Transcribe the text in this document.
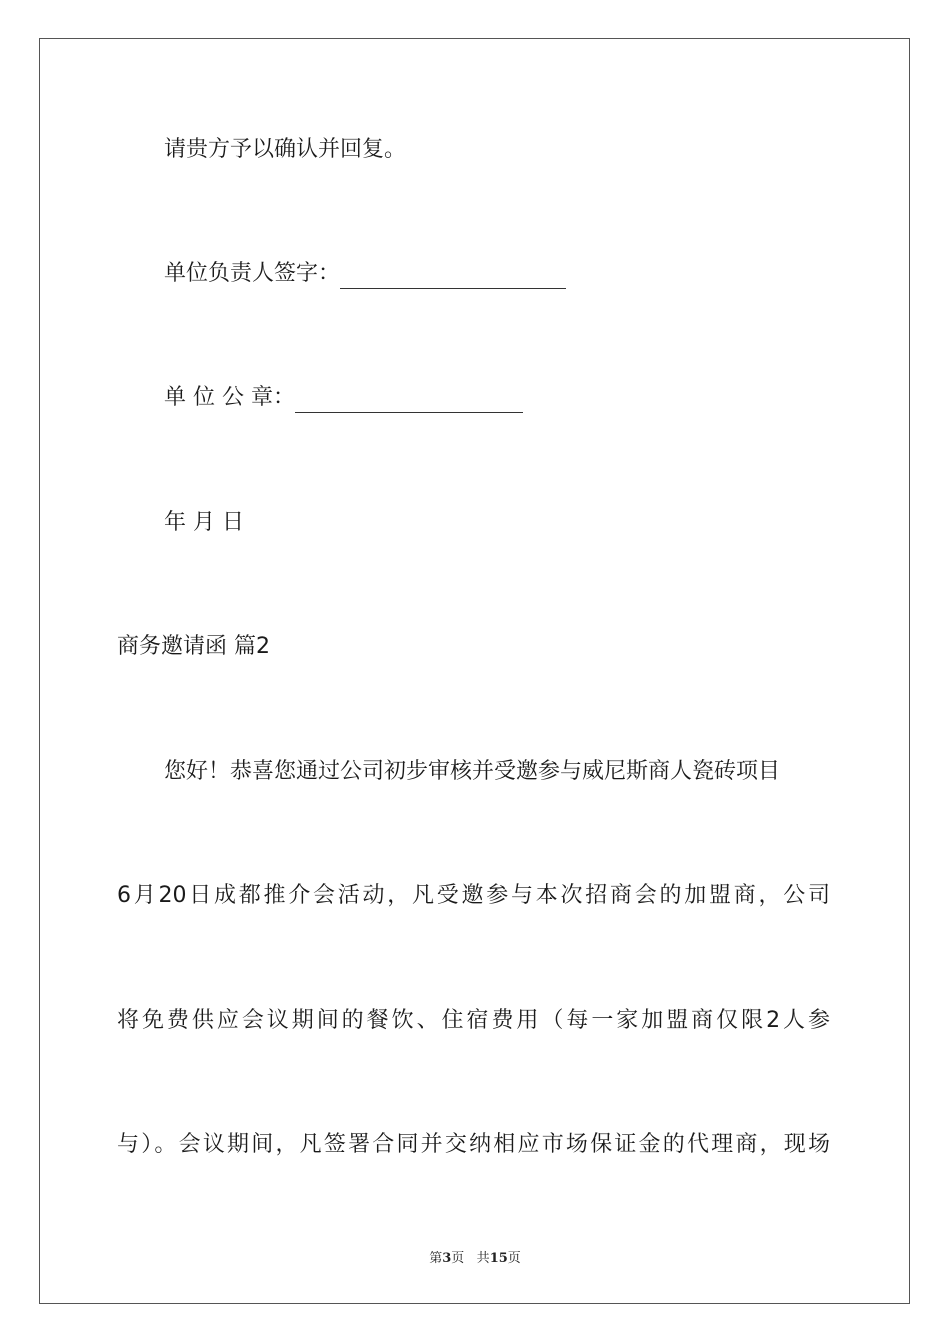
请贵方予以确认并回复。
单位负责人签字：
单 位 公 章：
年 月 日
商务邀请函 篇2
您好！恭喜您通过公司初步审核并受邀参与威尼斯商人瓷砖项目
6月20日成都推介会活动，凡受邀参与本次招商会的加盟商，公司
将免费供应会议期间的餐饮、住宿费用（每一家加盟商仅限2人参
与）。会议期间，凡签署合同并交纳相应市场保证金的代理商，现场
第3页 共15页
